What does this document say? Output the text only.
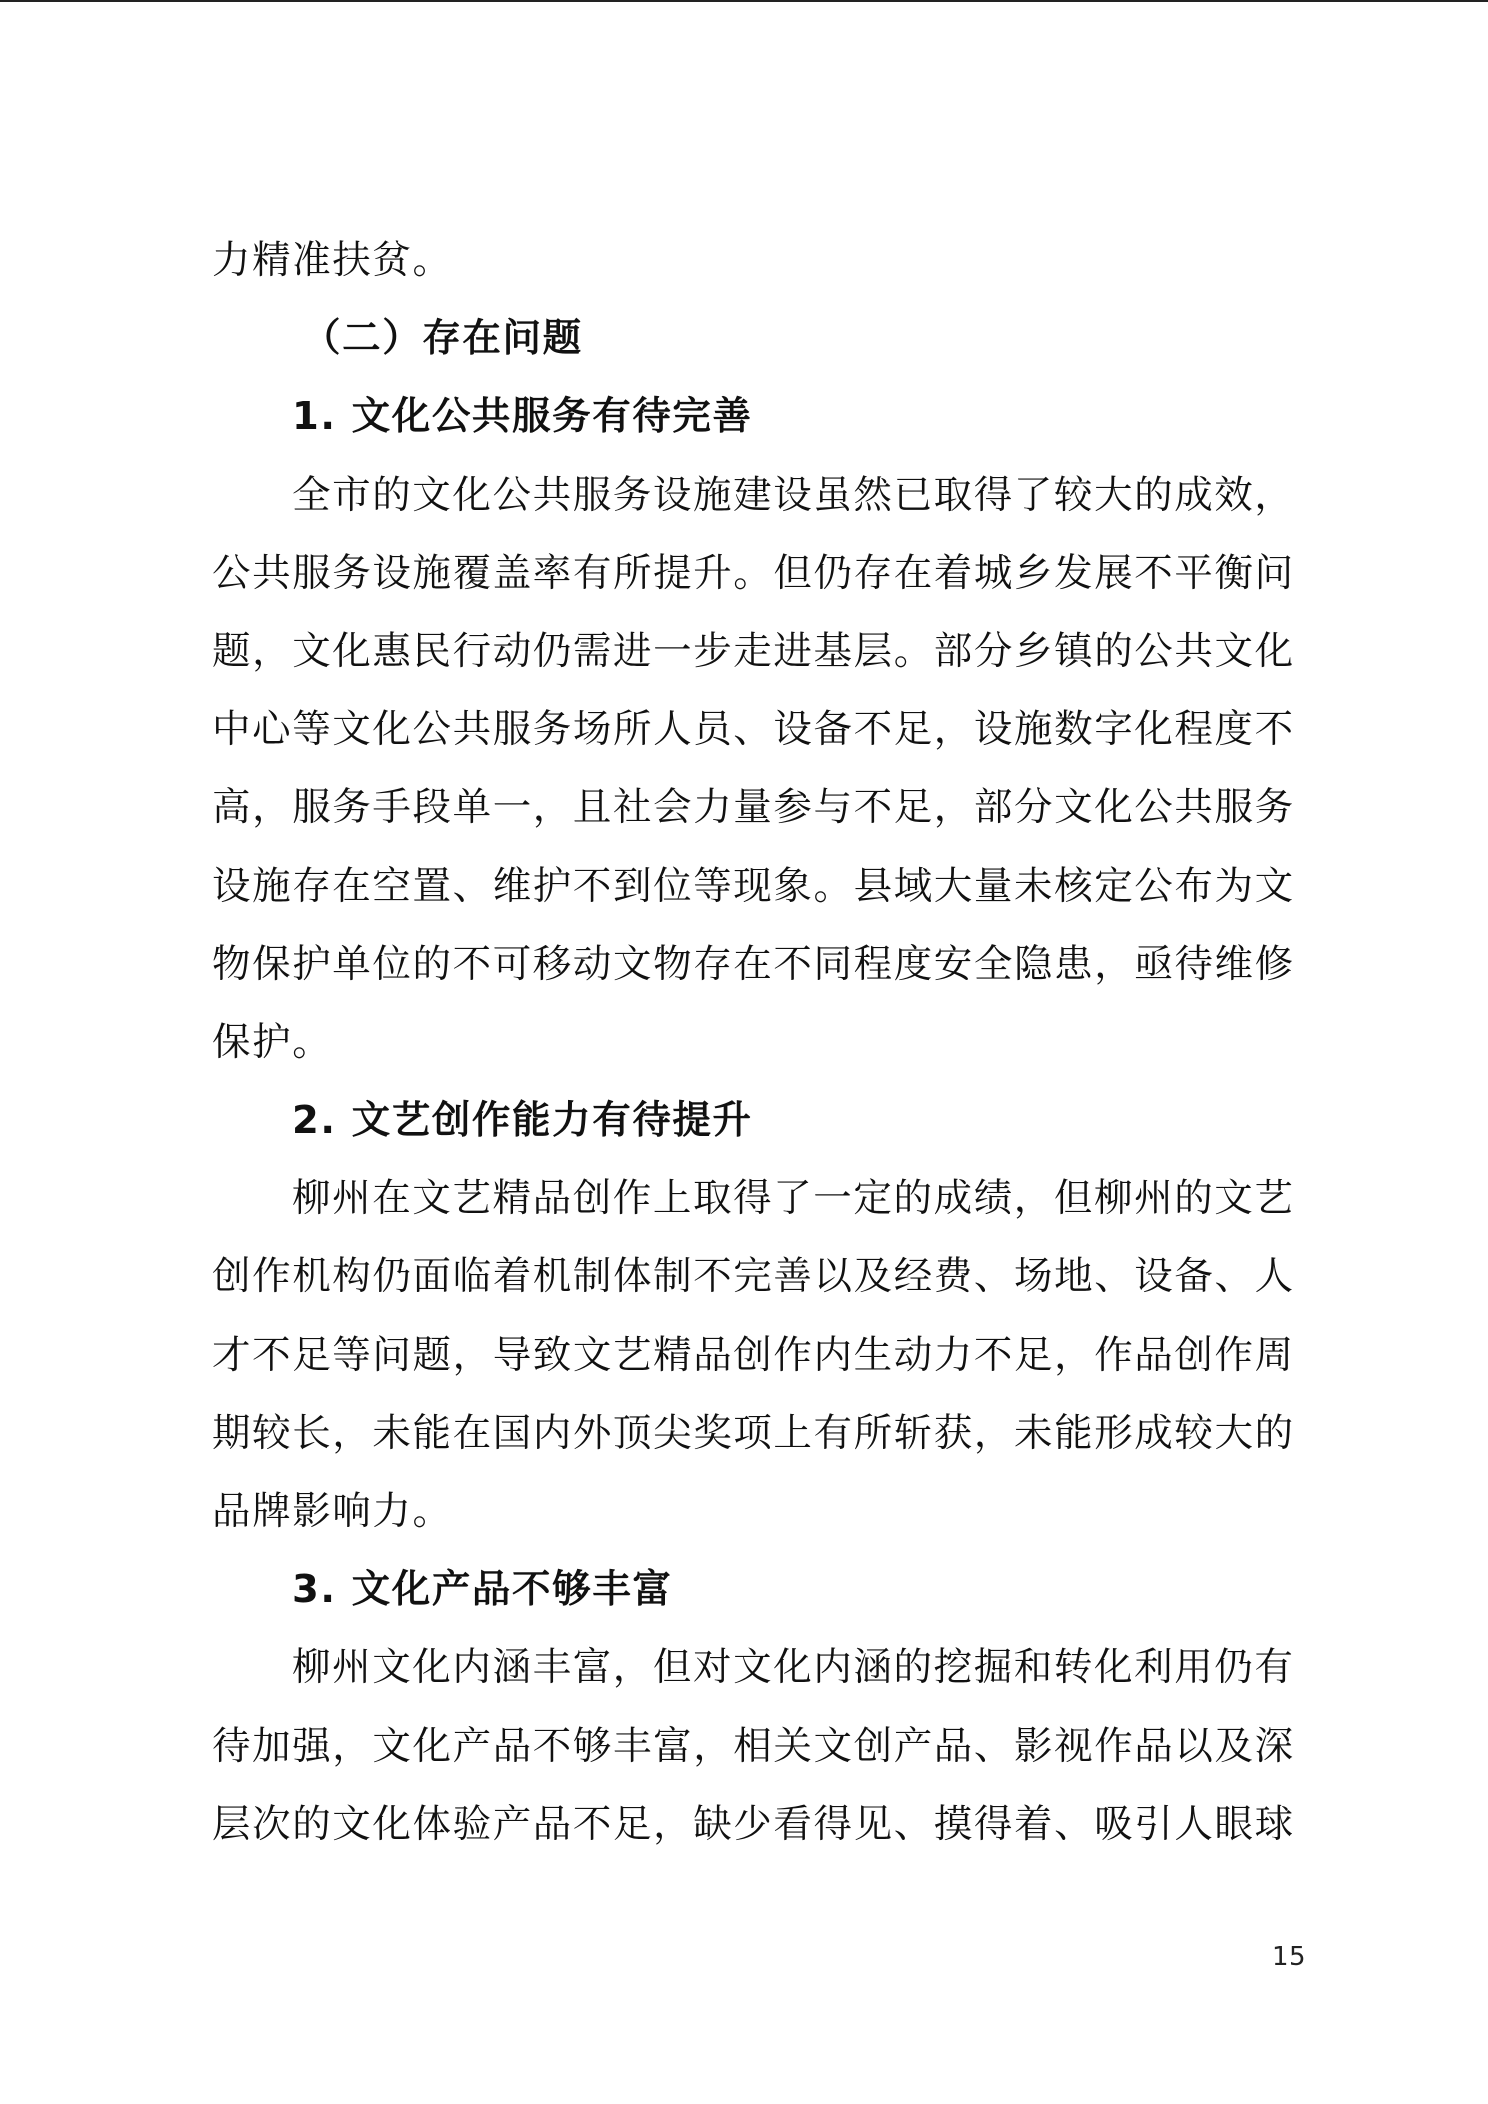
力精准扶贫。
（二）存在问题
1. 文化公共服务有待完善
全市的文化公共服务设施建设虽然已取得了较大的成效，
公共服务设施覆盖率有所提升。但仍存在着城乡发展不平衡问
题，文化惠民行动仍需进一步走进基层。部分乡镇的公共文化
中心等文化公共服务场所人员、设备不足，设施数字化程度不
高，服务手段单一，且社会力量参与不足，部分文化公共服务
设施存在空置、维护不到位等现象。县域大量未核定公布为文
物保护单位的不可移动文物存在不同程度安全隐患，亟待维修
保护。
2. 文艺创作能力有待提升
柳州在文艺精品创作上取得了一定的成绩，但柳州的文艺
创作机构仍面临着机制体制不完善以及经费、场地、设备、人
才不足等问题，导致文艺精品创作内生动力不足，作品创作周
期较长，未能在国内外顶尖奖项上有所斩获，未能形成较大的
品牌影响力。
3. 文化产品不够丰富
柳州文化内涵丰富，但对文化内涵的挖掘和转化利用仍有
待加强，文化产品不够丰富，相关文创产品、影视作品以及深
层次的文化体验产品不足，缺少看得见、摸得着、吸引人眼球
15
